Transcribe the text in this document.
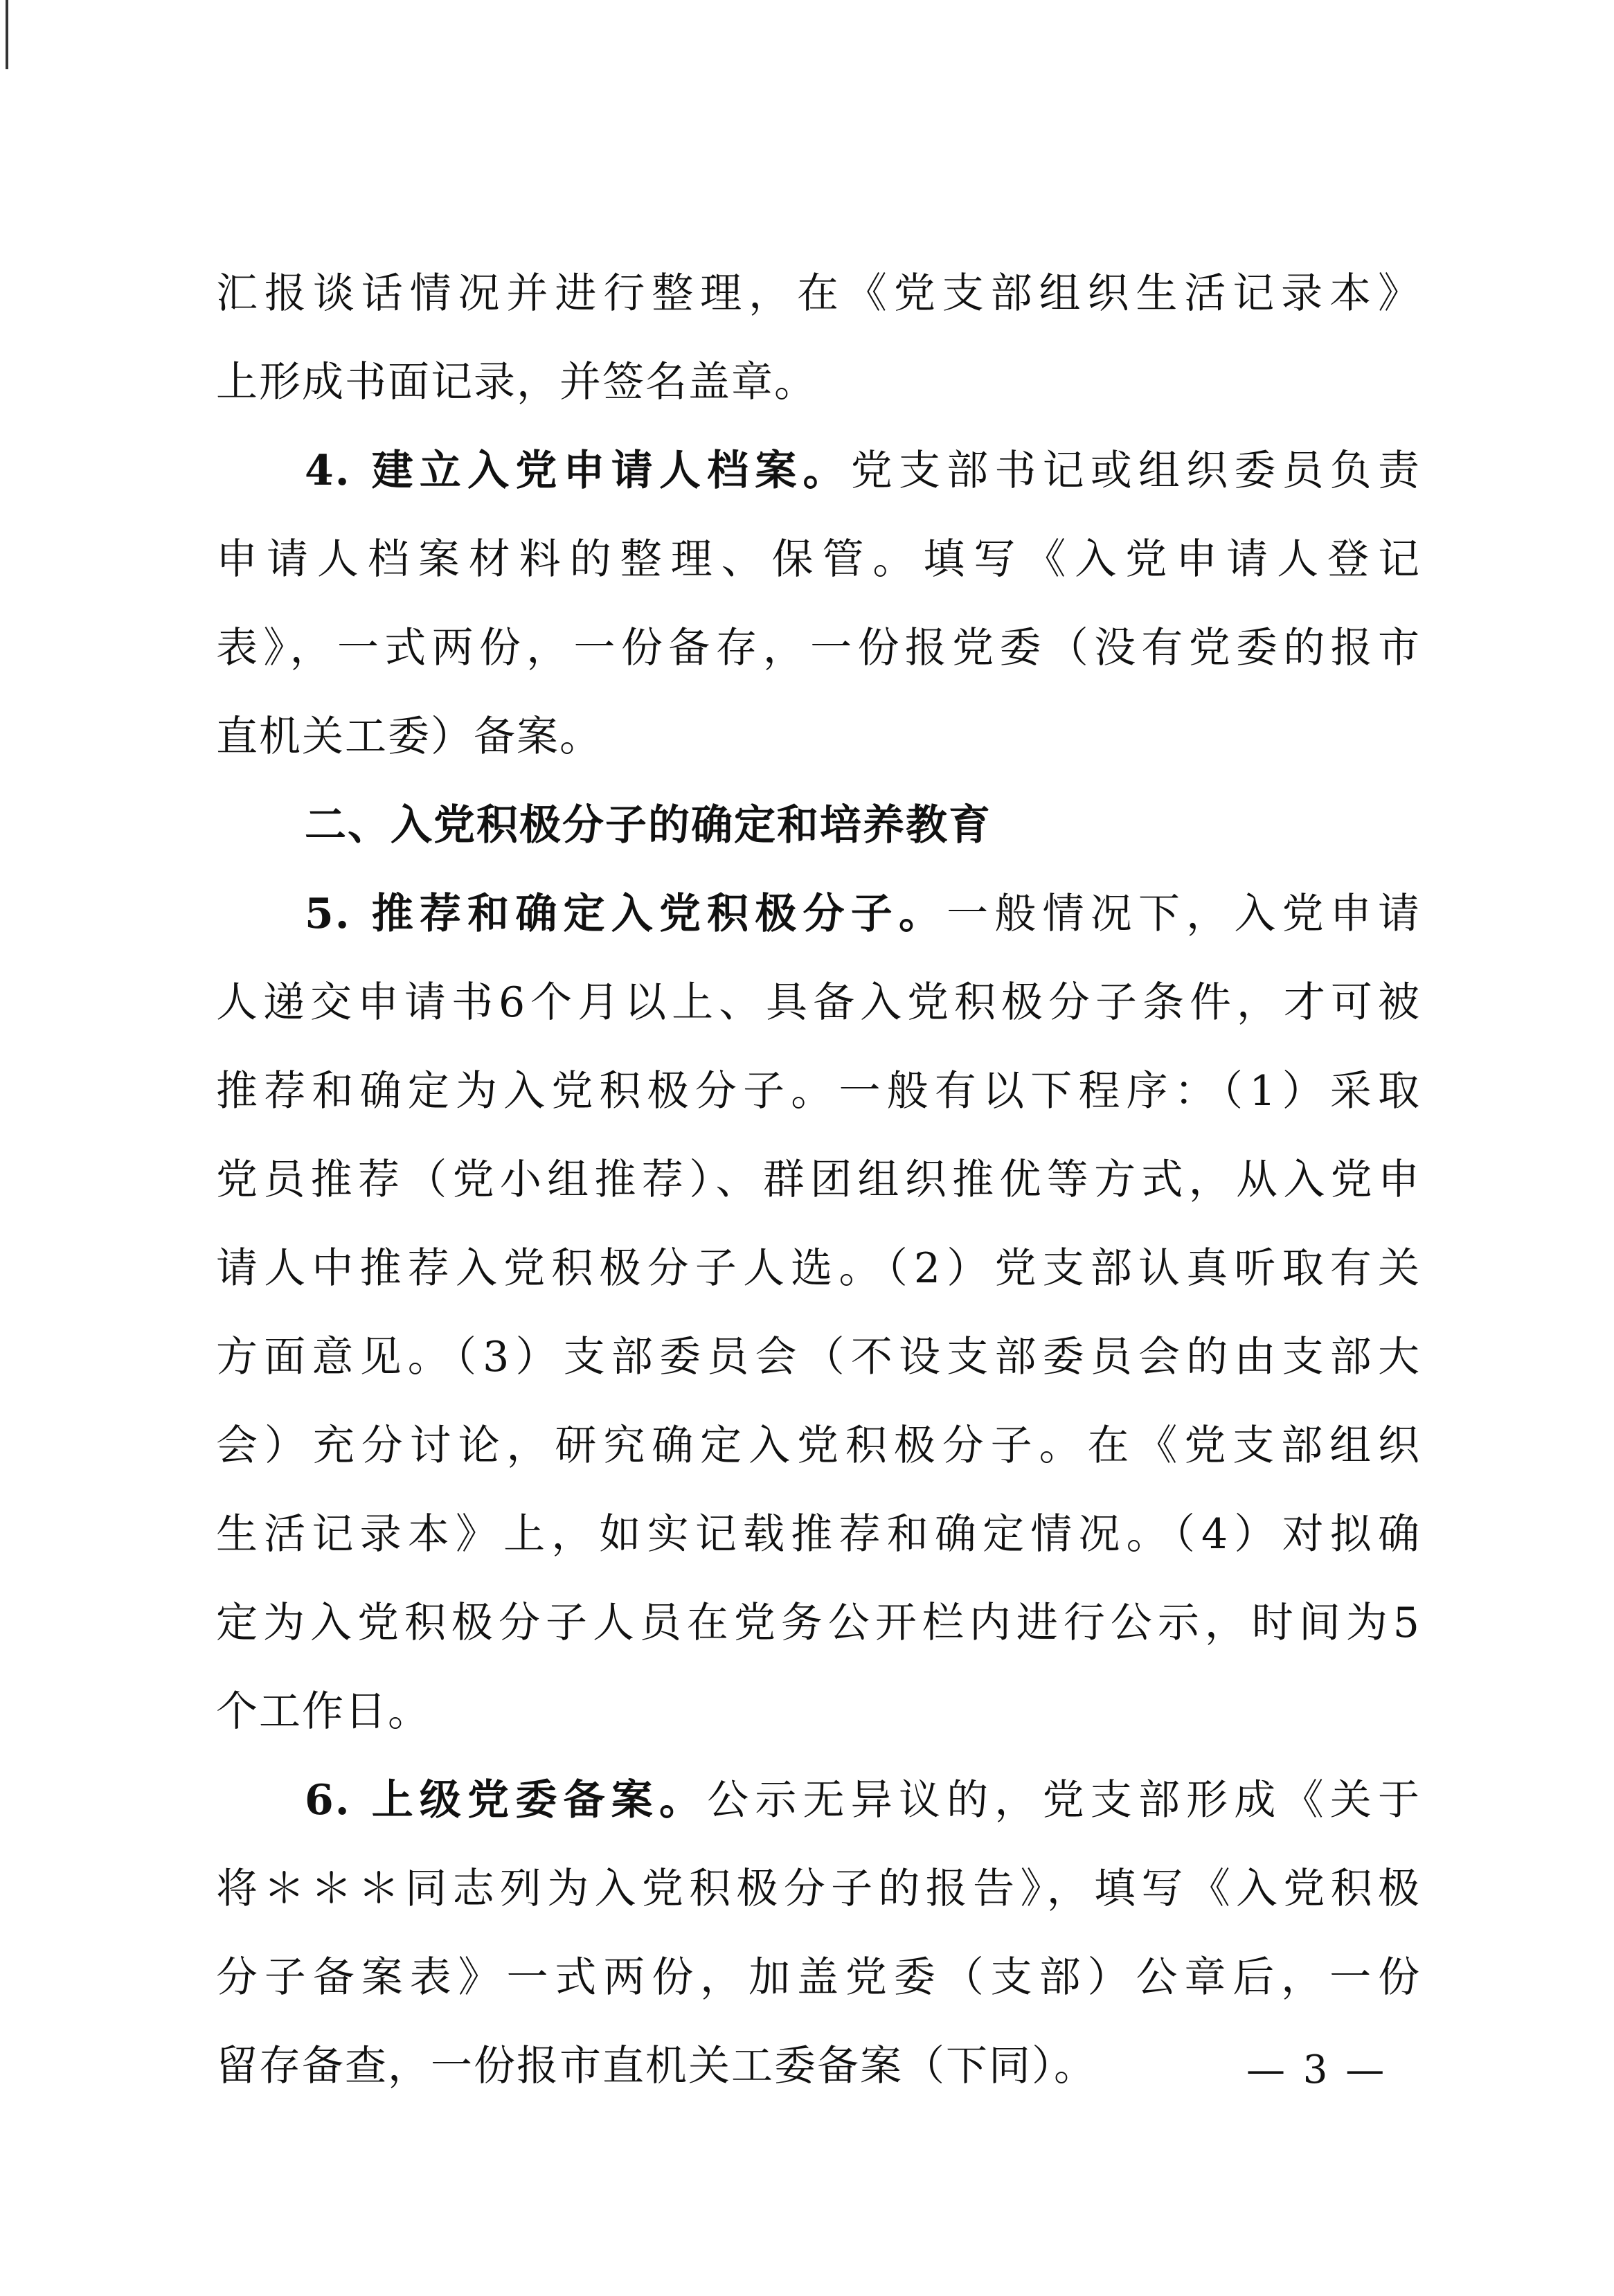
汇报谈话情况并进行整理，在《党支部组织生活记录本》
上形成书面记录，并签名盖章。
4. 建立入党申请人档案。党支部书记或组织委员负责
申请人档案材料的整理、保管。填写《入党申请人登记
表》，一式两份，一份备存，一份报党委（没有党委的报市
直机关工委）备案。
二、入党积极分子的确定和培养教育
5. 推荐和确定入党积极分子。一般情况下，入党申请
人递交申请书6个月以上、具备入党积极分子条件，才可被
推荐和确定为入党积极分子。一般有以下程序：（1）采取
党员推荐（党小组推荐）、群团组织推优等方式，从入党申
请人中推荐入党积极分子人选。（2）党支部认真听取有关
方面意见。（3）支部委员会（不设支部委员会的由支部大
会）充分讨论，研究确定入党积极分子。在《党支部组织
生活记录本》上，如实记载推荐和确定情况。（4）对拟确
定为入党积极分子人员在党务公开栏内进行公示，时间为5
个工作日。
6. 上级党委备案。公示无异议的，党支部形成《关于
将＊＊＊同志列为入党积极分子的报告》，填写《入党积极
分子备案表》一式两份，加盖党委（支部）公章后，一份
留存备查，一份报市直机关工委备案（下同）。	— 3 —
